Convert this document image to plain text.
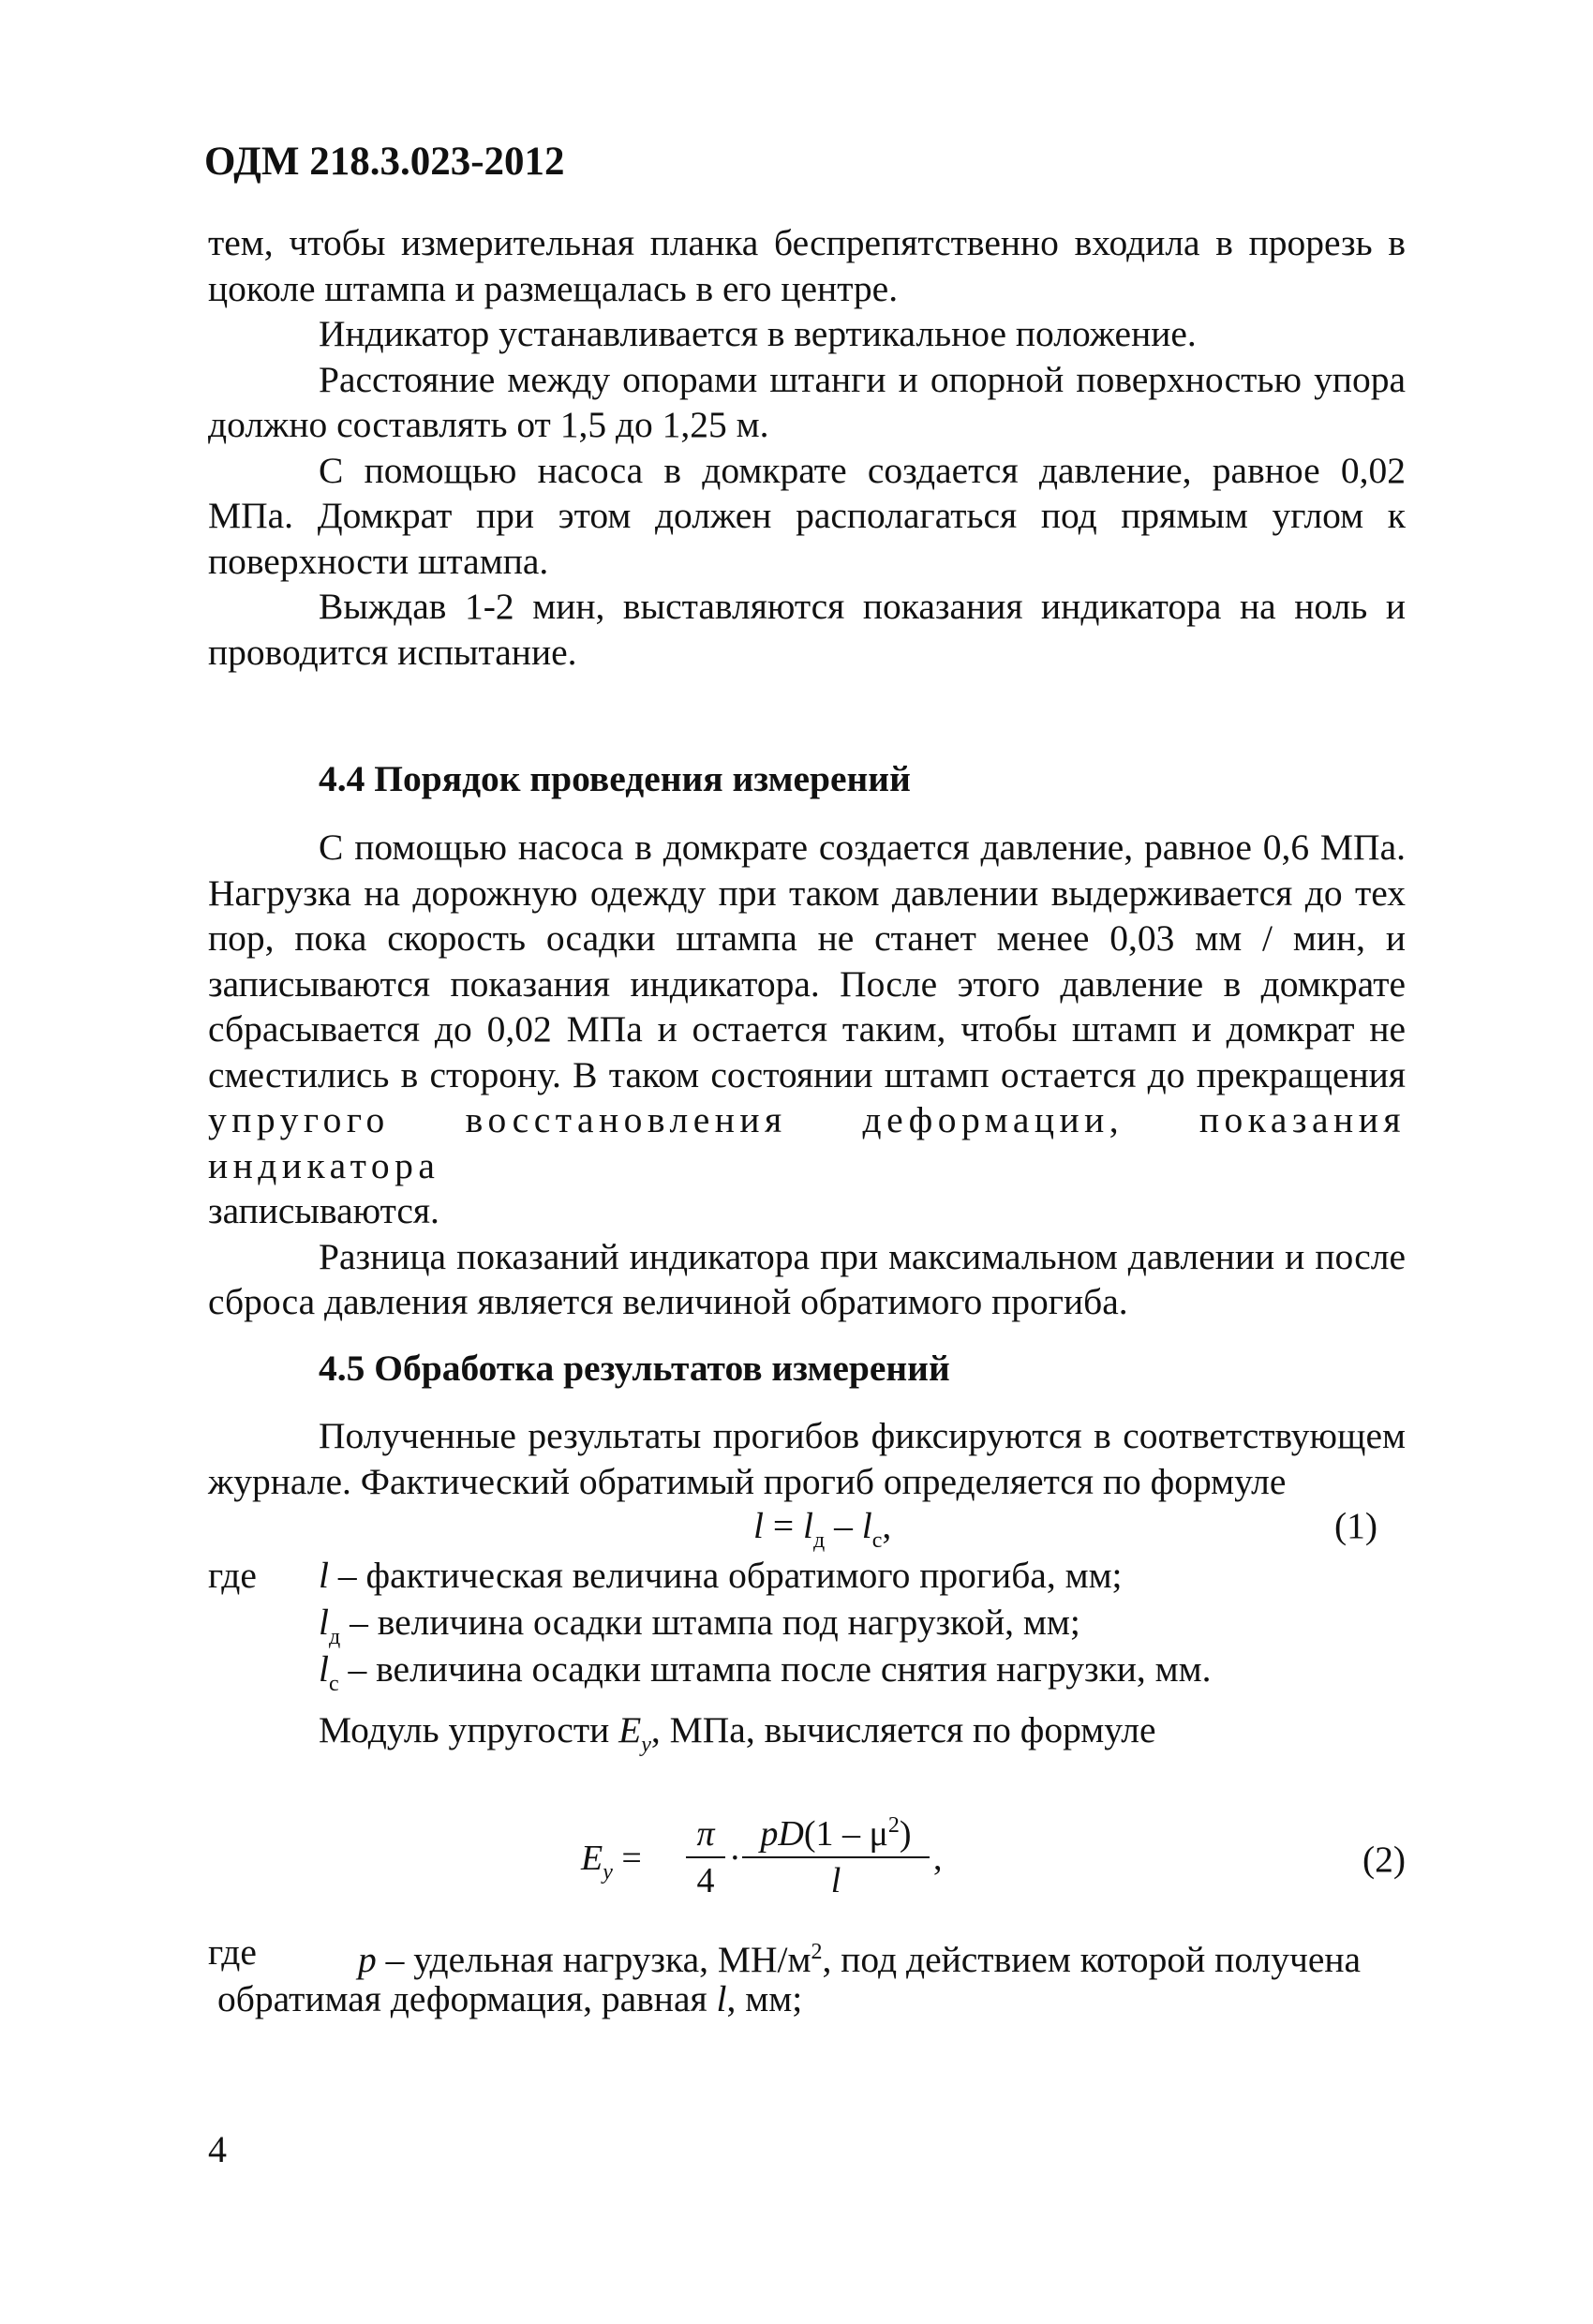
ОДМ 218.3.023-2012

тем, чтобы измерительная планка беспрепятственно входила в прорезь в цоколе штампа и размещалась в его центре.

Индикатор устанавливается в вертикальное положение.

Расстояние между опорами штанги и опорной поверхностью упора должно составлять от 1,5 до 1,25 м.

С помощью насоса в домкрате создается давление, равное 0,02 МПа. Домкрат при этом должен располагаться под прямым углом к поверхности штампа.

Выждав 1-2 мин, выставляются показания индикатора на ноль и проводится испытание.

4.4 Порядок проведения измерений
С помощью насоса в домкрате создается давление, равное 0,6 МПа.
Нагрузка на дорожную одежду при таком давлении выдерживается до тех
пор, пока скорость осадки штампа не станет менее 0,03 мм / мин, и
записываются показания индикатора. После этого давление в домкрате
сбрасывается до 0,02 МПа и остается таким, чтобы штамп и домкрат не
сместились в сторону. В таком состоянии штамп остается до прекращения
упругого восстановления деформации, показания индикатора
записываются.

Разница показаний индикатора при максимальном давлении и после сброса давления является величиной обратимого прогиба.

4.5 Обработка результатов измерений

Полученные результаты прогибов фиксируются в соответствующем журнале. Фактический обратимый прогиб определяется по формуле

$l = l_д - l_с$,	(1)
где l – фактическая величина обратимого прогиба, мм;
$l_д$ – величина осадки штампа под нагрузкой, мм;
$l_с$ – величина осадки штампа после снятия нагрузки, мм.
Модуль упругости $E_у$, МПа, вычисляется по формуле
$E_y$ =
π
4
·
$pD(1 - \mu^2)$
l
,	(2)
где	p – удельная нагрузка, $МН/м^2$, под действием которой получена
обратимая деформация, равная l, мм;
4
